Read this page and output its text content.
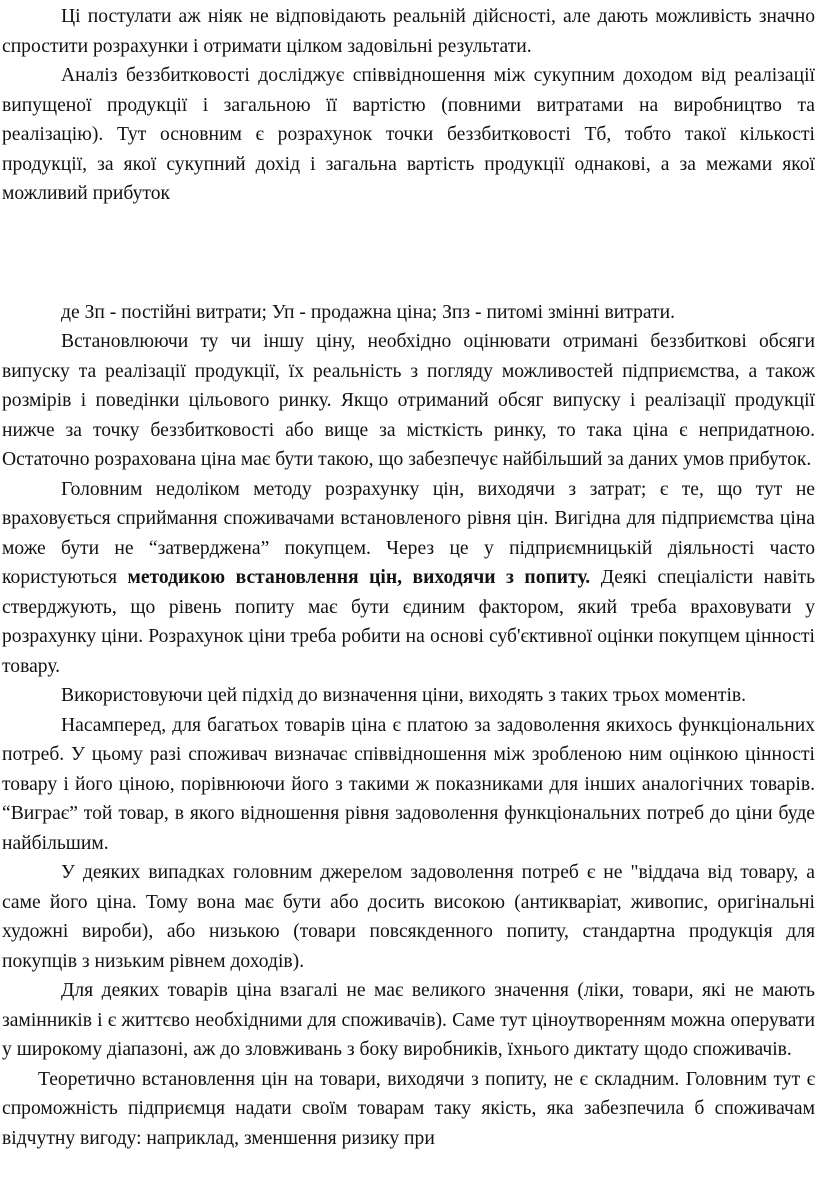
Ці постулати аж ніяк не відповідають реальній дійсності, але дають можливість значно спростити розрахунки і отримати цілком задовільні результати.

Аналіз беззбитковості досліджує співвідношення між сукупним доходом від реалізації випущеної продукції і загальною її вартістю (повними витратами на виробництво та реалізацію). Тут основним є розрахунок точки беззбитковості Тб, тобто такої кількості продукції, за якої сукупний дохід і загальна вартість продукції однакові, а за межами якої можливий прибуток

де Зп - постійні витрати; Уп - продажна ціна; Зпз - питомі змінні витрати.

Встановлюючи ту чи іншу ціну, необхідно оцінювати отримані беззбиткові обсяги випуску та реалізації продукції, їх реальність з погляду можливостей підприємства, а також розмірів і поведінки цільового ринку. Якщо отриманий обсяг випуску і реалізації продукції нижче за точку беззбитковості або вище за місткість ринку, то така ціна є непридатною. Остаточно розрахована ціна має бути такою, що забезпечує найбільший за даних умов прибуток.

Головним недоліком методу розрахунку цін, виходячи з затрат; є те, що тут не враховується сприймання споживачами встановленого рівня цін. Вигідна для підприємства ціна може бути не “затверджена” покупцем. Через це у підприємницькій діяльності часто користуються методикою встановлення цін, виходячи з попиту. Деякі спеціалісти навіть стверджують, що рівень попиту має бути єдиним фактором, який треба враховувати у розрахунку ціни. Розрахунок ціни треба робити на основі суб'єктивної оцінки покупцем цінності товару.

Використовуючи цей підхід до визначення ціни, виходять з таких трьох моментів.

Насамперед, для багатьох товарів ціна є платою за задоволення якихось функціональних потреб. У цьому разі споживач визначає співвідношення між зробленою ним оцінкою цінності товару і його ціною, порівнюючи його з такими ж показниками для інших аналогічних товарів. “Виграє” той товар, в якого відношення рівня задоволення функціональних потреб до ціни буде найбільшим.

У деяких випадках головним джерелом задоволення потреб є не "віддача від товару, а саме його ціна. Тому вона має бути або досить високою (антикваріат, живопис, оригінальні художні вироби), або низькою (товари повсякденного попиту, стандартна продукція для покупців з низьким рівнем доходів).

Для деяких товарів ціна взагалі не має великого значення (ліки, товари, які не мають замінників і є життєво необхідними для споживачів). Саме тут ціноутворенням можна оперувати у широкому діапазоні, аж до зловживань з боку виробників, їхнього диктату щодо споживачів.

Теоретично встановлення цін на товари, виходячи з попиту, не є складним. Головним тут є спроможність підприємця надати своїм товарам таку якість, яка забезпечила б споживачам відчутну вигоду: наприклад, зменшення ризику при
